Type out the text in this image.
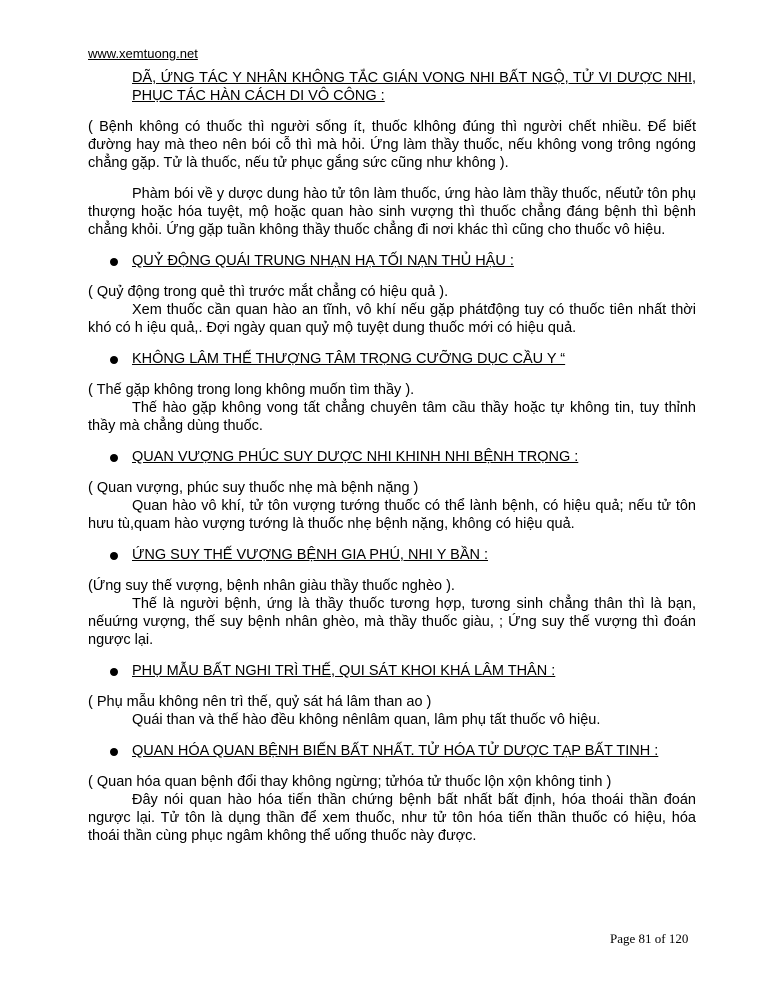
www.xemtuong.net
DÃ, ỨNG TÁC Y NHÂN KHÔNG TẮC GIÁN VONG NHI BẤT NGỘ, TỬ VI DƯỢC NHI, PHỤC TÁC HÀN CÁCH DI VÔ CÔNG :

( Bệnh không có thuốc thì người sống ít, thuốc klhông đúng thì người chết nhiều. Để biết đường hay mà theo nên bói cỗ thì mà hỏi. Ứng làm thầy thuốc, nếu không vong trông ngóng chẳng gặp. Tử là thuốc, nếu tử phục gắng sức cũng như không ).

Phàm bói về y dược dung hào tử tôn làm thuốc, ứng hào làm thầy thuốc, nếutử tôn phụ thượng hoặc hóa tuyệt, mộ hoặc quan hào sinh vượng thì thuốc chẳng đáng bệnh thì bệnh chẳng khỏi. Ứng gặp tuần không thầy thuốc chẳng đi nơi khác thì cũng cho thuốc vô hiệu.

QUỶ ĐỘNG QUÁI TRUNG NHẠN HẠ TỐI NẠN THỦ HẬU :

( Quỷ động trong quẻ thì trước mắt chẳng có hiệu quả ).

Xem thuốc cần quan hào an tĩnh, vô khí nếu gặp phátđộng tuy có thuốc tiên nhất thời khó có h iệu quả,. Đợi ngày quan quỷ mộ tuyệt dung thuốc mới có hiệu quả.

KHÔNG LÂM THẾ THƯỢNG TÂM TRỌNG CƯỠNG DỤC CẦU Y “

( Thế gặp không trong long không muốn tìm thầy ).

Thế hào gặp không vong tất chẳng chuyên tâm cầu thầy hoặc tự không tin, tuy thỉnh thầy mà chẳng dùng thuốc.

QUAN VƯỢNG PHÚC SUY DƯỢC NHI KHINH NHI BỆNH TRỌNG :

( Quan vượng, phúc suy thuốc nhẹ mà bệnh nặng )

Quan hào vô khí, tử tôn vượng tướng thuốc có thể lành bệnh, có hiệu quả; nếu tử tôn hưu tù,quam hào vượng tướng là thuốc nhẹ bệnh nặng, không có hiệu quả.

ỨNG SUY THẾ VƯỢNG BỆNH GIA PHÚ, NHI Y BẦN :

(Ứng suy thế vượng, bệnh nhân giàu thầy thuốc nghèo ).

Thế là người bệnh, ứng là thầy thuốc tương hợp, tương sinh chẳng thân thì là bạn, nếuứng vượng, thế suy bệnh nhân ghèo, mà thầy thuốc giàu, ; Ứng suy thế vượng thì đoán ngược lại.

PHỤ MẪU BẤT NGHI TRÌ THẾ, QUI SÁT KHOI KHÁ LÂM THÂN :

( Phụ mẫu không nên trì thế, quỷ sát há lâm than ao )

Quái than và thế hào đều không nênlâm quan, lâm phụ tất thuốc vô hiệu.

QUAN HÓA QUAN BỆNH BIẾN BẤT NHẤT. TỬ HÓA TỬ DƯỢC TẠP BẤT TINH :

( Quan hóa quan bệnh đổi thay không ngừng; tửhóa tử thuốc lộn xộn không tinh )

Đây nói quan hào hóa tiến thần chứng bệnh bất nhất bất định, hóa thoái thần đoán ngược lại. Tử tôn là dụng thần để xem thuốc, như tử tôn hóa tiến thần thuốc có hiệu, hóa thoái thần cùng phục ngâm không thể uống thuốc này được.

Page 81 of 120
